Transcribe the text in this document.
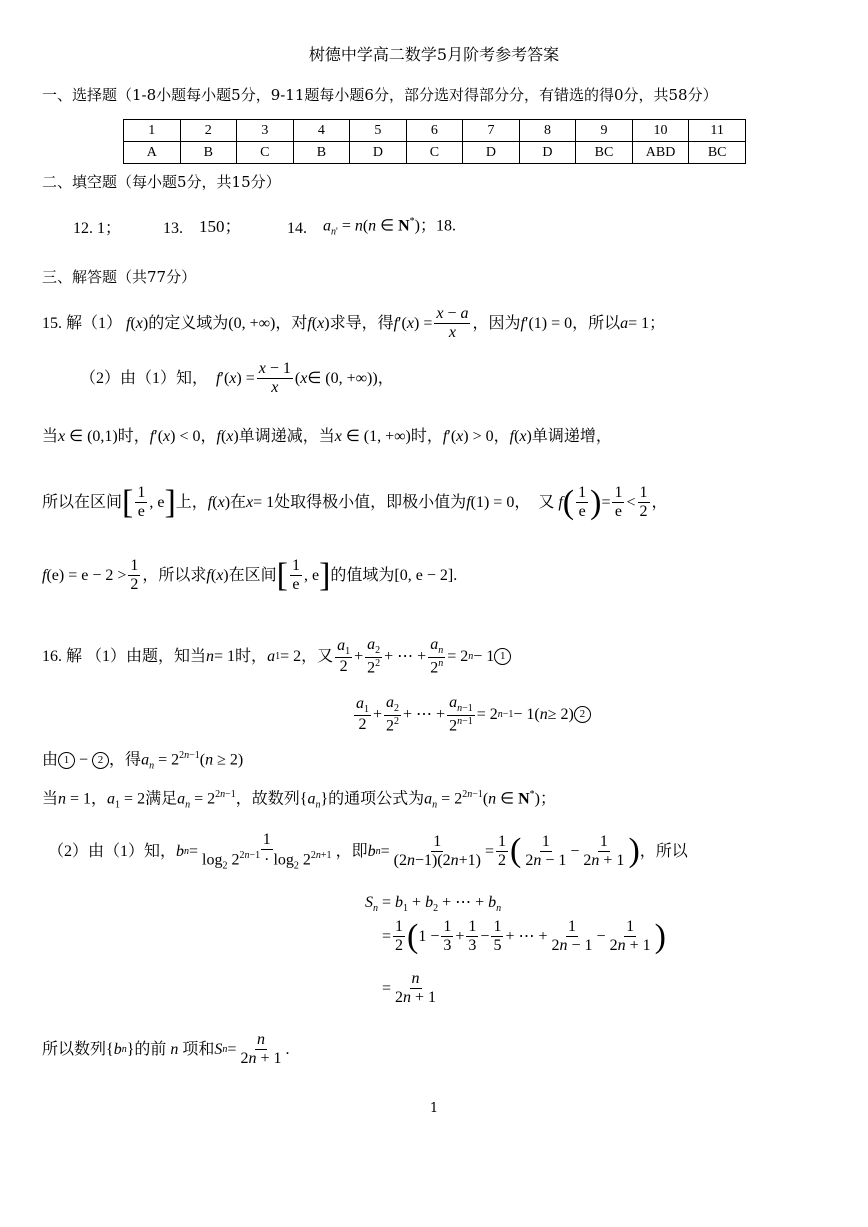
树德中学高二数学5月阶考参考答案
一、选择题（1-8小题每小题5分，9-11题每小题6分，部分选对得部分分，有错选的得0分，共58分）
1	2	3	4	5	6	7	8	9	10	11
A	B	C	B	D	C	D	D	BC	ABD	BC
二、填空题（每小题5分，共15分）
12. 1；	13. 150；	14. $a_{n'} = n(n$ ∈ N*)；18.
三、解答题（共77分）
15. 解（1） f ( x ) 的定义域为 (0, +∞) ，对 f ( x ) 求导，得 f ′( x ) = $\frac{x - a}{x}$ ，因为 f ′(1) = 0 ，所以 a = 1；
（2）由（1）知，
f ′( x ) = $\frac{x - 1}{x}$ ( x ∈ (0, +∞))，
当x ∈ (0,1)时，f′(x) < 0，f(x)单调递减，当x ∈ (1, +∞)时，f′(x) > 0，f(x)单调递增，
所以在区间 [ $\frac{1}{e}$ , e ] 上， f ( x ) 在 x = 1 处取得极小值，即极小值为 f (1) = 0， 又
f ( $\frac{1}{e}$ ) = $\frac{1}{e} < \frac{1}{2}$ ，
f $(e) = e - 2 > \frac{1}{2}$ ，所以求 f ( x ) 在区间 [ $\frac{1}{e}$ , e ] 的值域为 [0, e − 2].
16. 解 （1）由题，知当 n = 1 时， a 1 = 2 ，又 $\frac{a_1}{2} + \frac{a_2}{2^2}$ + ⋯ + $\frac{a_n}{2^n} = 2$ n − 1 1
$\frac{a_1}{2} + \frac{a_2}{2^2}$ + ⋯ + $\frac{a_{n-1}}{2^{n-1}} = 2$ n−1 − 1( n ≥ 2) 2
由 1 − 2 ，得$a_n = 2^{2n-1}(n \ge 2)$
当n = 1，$a_1 = 2$满足$a_n = 2^{2n-1}$，故数列$\{a_n\}$的通项公式为$a_n = 2^{2n-1}(n$ ∈ N*)；
（2）由（1）知， b $n = \frac{1}{\log_2 2^{2n-1} \cdot \log_2 2^{2n+1}}$ ，即 b $n = \frac{1}{(2n-1)(2n+1)} = \frac{1}{2}$ ( $\frac{1}{2n - 1} - \frac{1}{2n + 1}$ ) ，所以
$S_n = b_1 + b_2$ + ⋯ + $b_n$
= $\frac{1}{2}$ ( $1 - \frac{1}{3} + \frac{1}{3} - \frac{1}{5}$ + ⋯ + $\frac{1}{2n - 1} - \frac{1}{2n + 1}$ )
= $\frac{n}{2n + 1}$
所以数列 { b n } 的前 n 项和 S $n = \frac{n}{2n + 1}$ .
1
